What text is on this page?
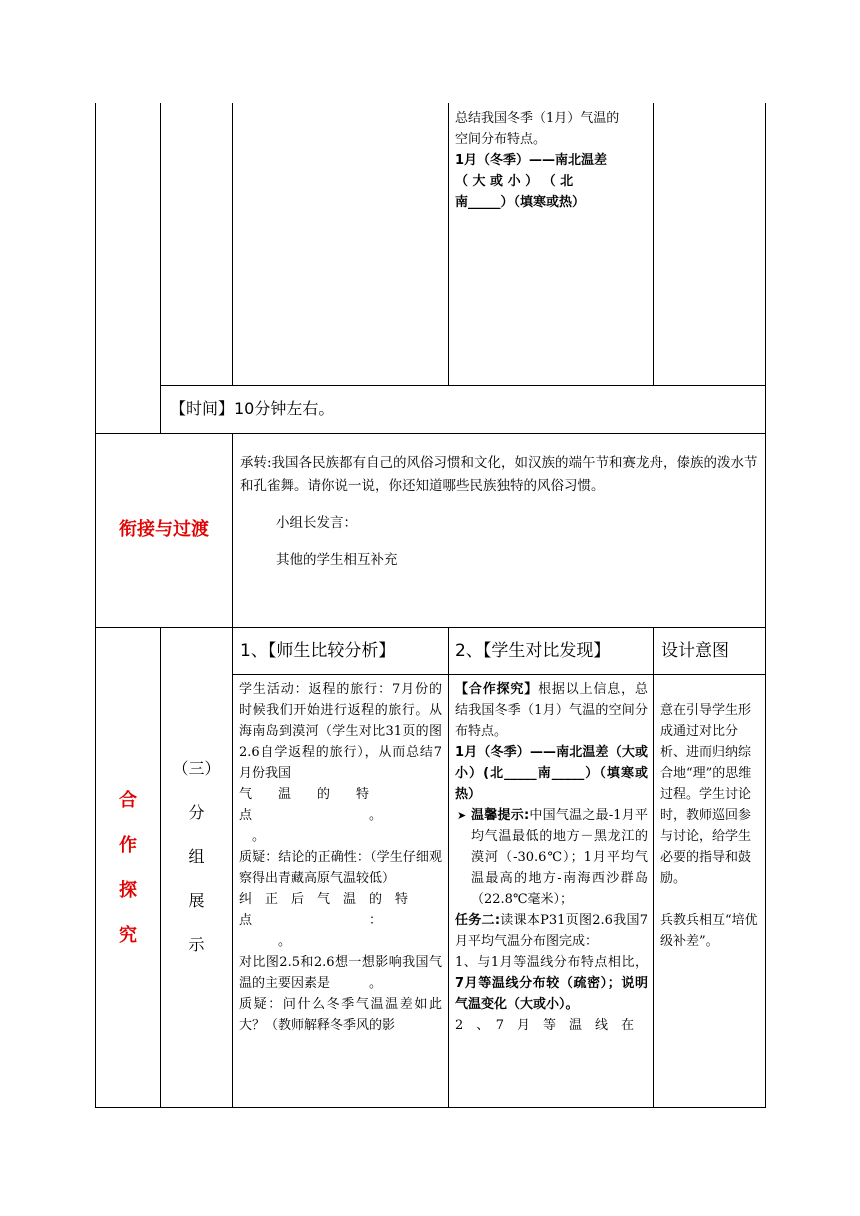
总结我国冬季（1月）气温的

空间分布特点。

1月（冬季）——南北温差

（ 大 或 小 ） （ 北

南_____）（填寒或热）

【时间】10分钟左右。
衔接与过渡

承转:我国各民族都有自己的风俗习惯和文化，如汉族的端午节和赛龙舟，傣族的泼水节和孔雀舞。请你说一说，你还知道哪些民族独特的风俗习惯。

小组长发言：

其他的学生相互补充

合
作
探
究
（三）
分
组
展
示
1、【师生比较分析】	2、【学生对比发现】	设计意图

学生活动：返程的旅行：7月份的时候我们开始进行返程的旅行。从海南岛到漠河（学生对比31页的图2.6自学返程的旅行），从而总结7月份我国

气　　温　　的　　特

点　　　　　　　　　。

　。

质疑：结论的正确性：（学生仔细观察得出青藏高原气温较低）

纠　正　后　气　温　的　特

点　　　　　　　　　：

　　　。

对比图2.5和2.6想一想影响我国气温的主要因素是　　　。

质疑：问什么冬季气温温差如此大？（教师解释冬季风的影

【合作探究】根据以上信息，总结我国冬季（1月）气温的空间分布特点。

1月（冬季）——南北温差（大或小）(北_____南_____）（填寒或热）

➤ 温馨提示:中国气温之最-1月平均气温最低的地方－黑龙江的漠河（-30.6℃）；1月平均气温最高的地方-南海西沙群岛（22.8℃毫米）；

任务二:读课本P31页图2.6我国7月平均气温分布图完成：

1、与1月等温线分布特点相比，7月等温线分布较（疏密）；说明气温变化（大或小）。

2　、　7　月　等　温　线　在

意在引导学生形成通过对比分析、进而归纳综合地“理”的思维过程。学生讨论时，教师巡回参与讨论，给学生必要的指导和鼓励。

兵教兵相互“培优级补差”。
